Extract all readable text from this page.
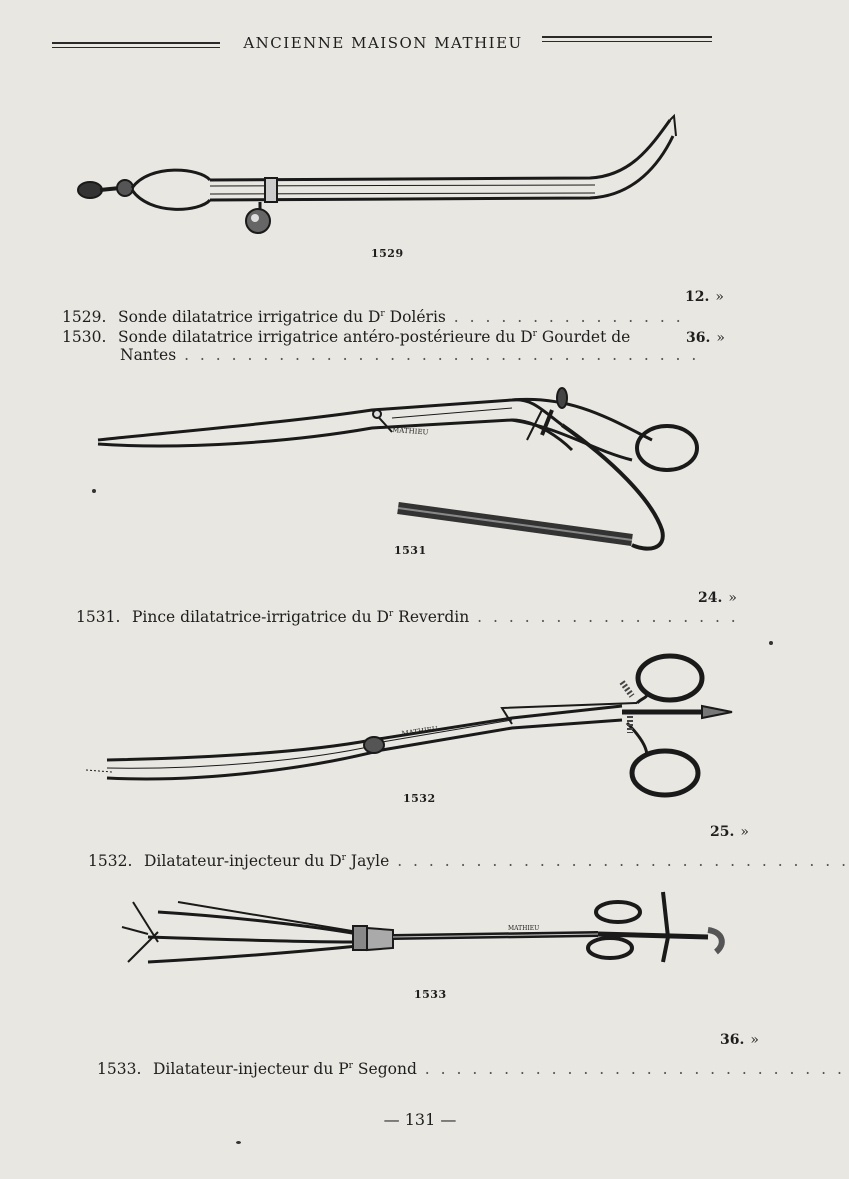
ANCIENNE MAISON MATHIEU
1529
1529. Sonde dilatatrice irrigatrice du $D^r$ Doléris . . . . . . . . . . . . . . .
12. »
1530. Sonde dilatatrice irrigatrice antéro-postérieure du $D^r$ Gourdet de
Nantes . . . . . . . . . . . . . . . . . . . . . . . . . . . . . . . . .
36. »
MATHIEU
1531
1531. Pince dilatatrice-irrigatrice du $D^r$ Reverdin . . . . . . . . . . . . . . . . .
24. »
MATHIEU
1532
1532. Dilatateur-injecteur du $D^r$ Jayle . . . . . . . . . . . . . . . . . . . . . . . . . . . . .
25. »
MATHIEU
1533
1533. Dilatateur-injecteur du $P^r$ Segond . . . . . . . . . . . . . . . . . . . . . . . . . . .
36. »
— 131 —
